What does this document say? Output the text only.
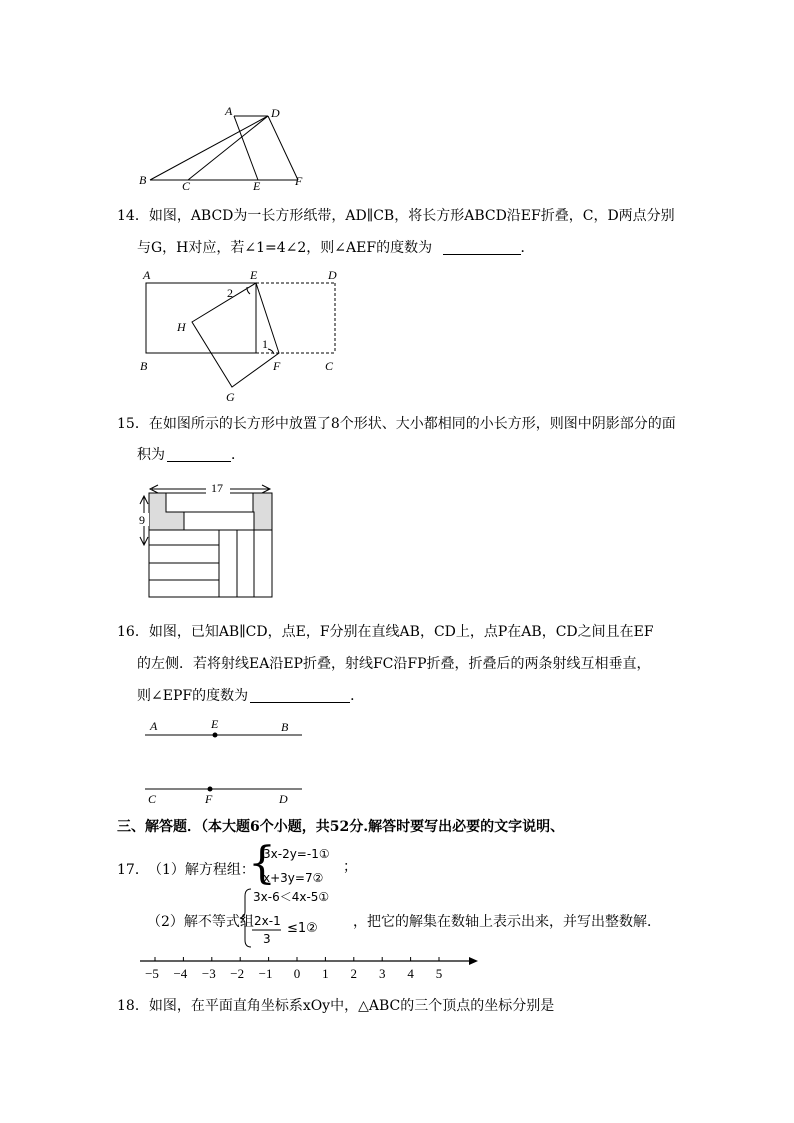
A	D
B	C	E	F
14．如图，ABCD为一长方形纸带，AD∥CB，将长方形ABCD沿EF折叠，C，D两点分别
与G，H对应，若∠1=4∠2，则∠AEF的度数为	．
A	E	D
2
H
1
B	F	C
G
15．在如图所示的长方形中放置了8个形状、大小都相同的小长方形，则图中阴影部分的面
积为	．
17
9
16．如图，已知AB∥CD，点E，F分别在直线AB，CD上，点P在AB，CD之间且在EF
的左侧．若将射线EA沿EP折叠，射线FC沿FP折叠，折叠后的两条射线互相垂直，
则∠EPF的度数为	．
A	E	B
C	F	D
三、解答题．（本大题6个小题，共52分.解答时要写出必要的文字说明、
17． （1）解方程组：
{
3x-2y=-1①
x+3y=7②
；
（2）解不等式组
3x-6＜4x-5①
2x-1
3
≤1②	，把它的解集在数轴上表示出来，并写出整数解．
−5	−4	−3	−2	−1	0	1	2	3	4	5
18．如图，在平面直角坐标系xOy中，△ABC的三个顶点的坐标分别是
